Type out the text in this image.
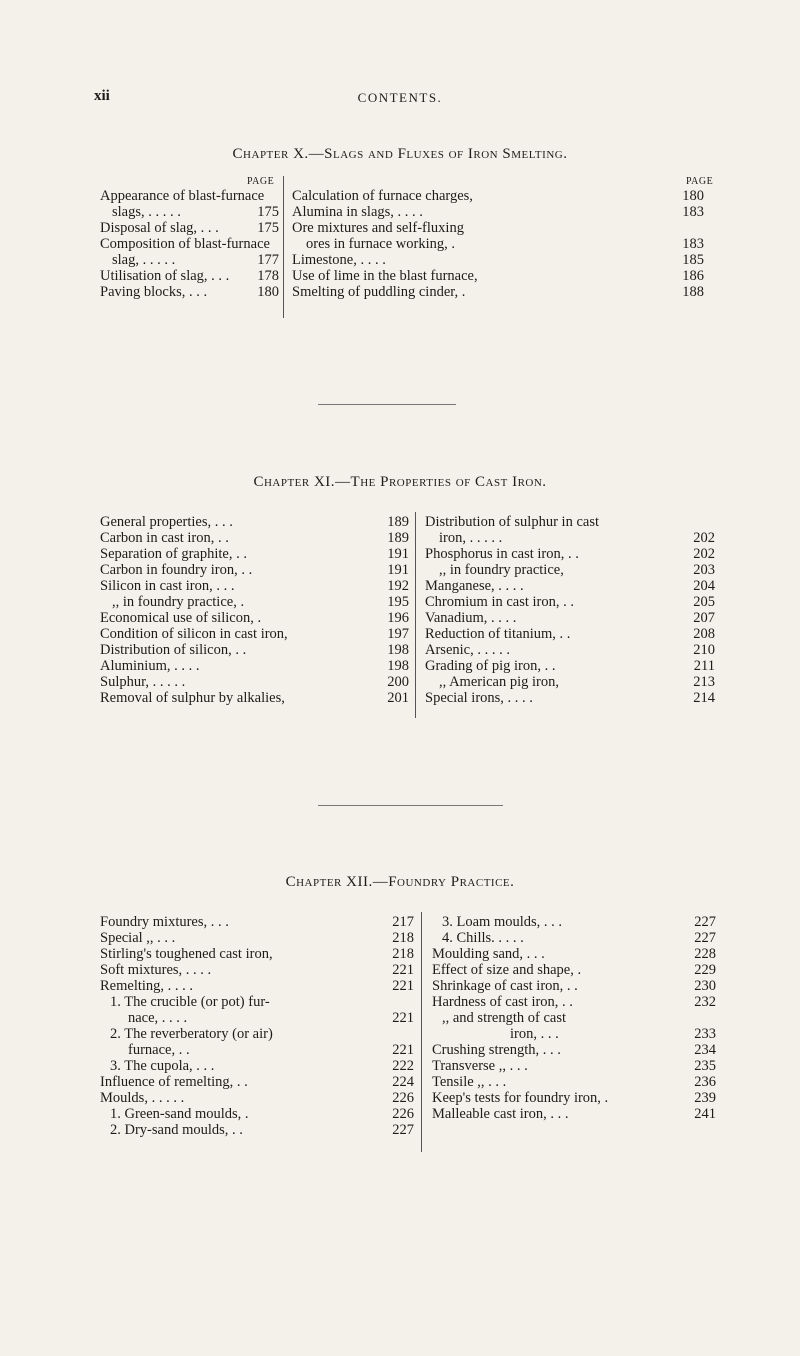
xii	CONTENTS.
Chapter X.—Slags and Fluxes of Iron Smelting.
PAGE	PAGE
Appearance of blast-furnace
slags, . . . . .	175
Disposal of slag, . . .	175
Composition of blast-furnace
slag, . . . . .	177
Utilisation of slag, . . . 178
Paving blocks, . . .	180
Calculation of furnace charges,	180
Alumina in slags, . . . .	183
Ore mixtures and self-fluxing
ores in furnace working, .	183
Limestone, . . . .	185
Use of lime in the blast furnace,	186
Smelting of puddling cinder, .	188
Chapter XI.—The Properties of Cast Iron.
General properties, . . .	189
Carbon in cast iron, . .	189
Separation of graphite, . .	191
Carbon in foundry iron, . .	191
Silicon in cast iron, . . .	192
,, in foundry practice, .	195
Economical use of silicon, .	196
Condition of silicon in cast iron,	197
Distribution of silicon, . .	198
Aluminium, . . . .	198
Sulphur, . . . . .	200
Removal of sulphur by alkalies,	201
Distribution of sulphur in cast
iron, . . . . .	202
Phosphorus in cast iron, . .	202
,, in foundry practice,	203
Manganese, . . . .	204
Chromium in cast iron, . .	205
Vanadium, . . . .	207
Reduction of titanium, . .	208
Arsenic, . . . . .	210
Grading of pig iron, . .	211
,, American pig iron,	213
Special irons, . . . .	214
Chapter XII.—Foundry Practice.
Foundry mixtures, . . .	217
Special ,, . . .	218
Stirling's toughened cast iron,	218
Soft mixtures, . . . .	221
Remelting, . . . .	221
1. The crucible (or pot) fur-
nace, . . . .	221
2. The reverberatory (or air)
furnace, . .	221
3. The cupola, . . .	222
Influence of remelting, . .	224
Moulds, . . . . .	226
1. Green-sand moulds, .	226
2. Dry-sand moulds, . .	227
3. Loam moulds, . . .	227
4. Chills. . . . .	227
Moulding sand, . . .	228
Effect of size and shape, .	229
Shrinkage of cast iron, . .	230
Hardness of cast iron, . .	232
,, and strength of cast
iron, . . .	233
Crushing strength, . . .	234
Transverse ,, . . .	235
Tensile ,, . . .	236
Keep's tests for foundry iron, .	239
Malleable cast iron, . . .	241
